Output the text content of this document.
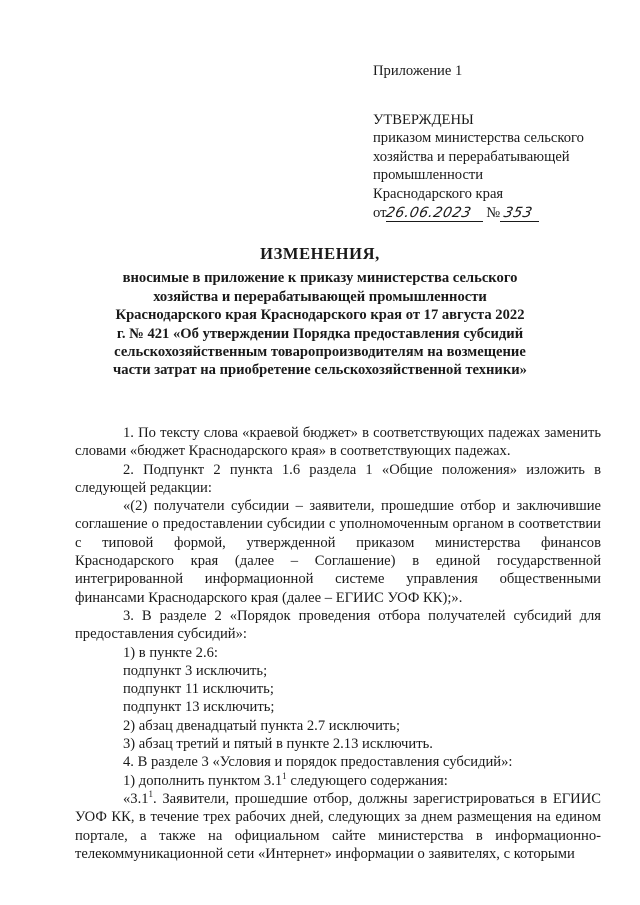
Приложение 1

УТВЕРЖДЕНЫ

приказом министерства сельского

хозяйства и перерабатывающей

промышленности

Краснодарского края

от26.06.2023 № 353

ИЗМЕНЕНИЯ,

вносимые в приложение к приказу министерства сельского

хозяйства и перерабатывающей промышленности

Краснодарского края Краснодарского края от 17 августа 2022

г. № 421 «Об утверждении Порядка предоставления субсидий

сельскохозяйственным товаропроизводителям на возмещение

части затрат на приобретение сельскохозяйственной техники»

1. По тексту слова «краевой бюджет» в соответствующих падежах заменить словами «бюджет Краснодарского края» в соответствующих падежах.

2. Подпункт 2 пункта 1.6 раздела 1 «Общие положения» изложить в следующей редакции:

«(2) получатели субсидии – заявители, прошедшие отбор и заключившие соглашение о предоставлении субсидии с уполномоченным органом в соответствии с типовой формой, утвержденной приказом министерства финансов Краснодарского края (далее – Соглашение) в единой государственной интегрированной информационной системе управления общественными финансами Краснодарского края (далее – ЕГИИС УОФ КК);».

3. В разделе 2 «Порядок проведения отбора получателей субсидий для предоставления субсидий»:

1) в пункте 2.6:

подпункт 3 исключить;

подпункт 11 исключить;

подпункт 13 исключить;

2) абзац двенадцатый пункта 2.7 исключить;

3) абзац третий и пятый в пункте 2.13 исключить.

4. В разделе 3 «Условия и порядок предоставления субсидий»:

1) дополнить пунктом $3.1^1$ следующего содержания:

«$3.1^1$. Заявители, прошедшие отбор, должны зарегистрироваться в ЕГИИС УОФ КК, в течение трех рабочих дней, следующих за днем размещения на едином портале, а также на официальном сайте министерства в информационно-телекоммуникационной сети «Интернет» информации о заявителях, с которыми
